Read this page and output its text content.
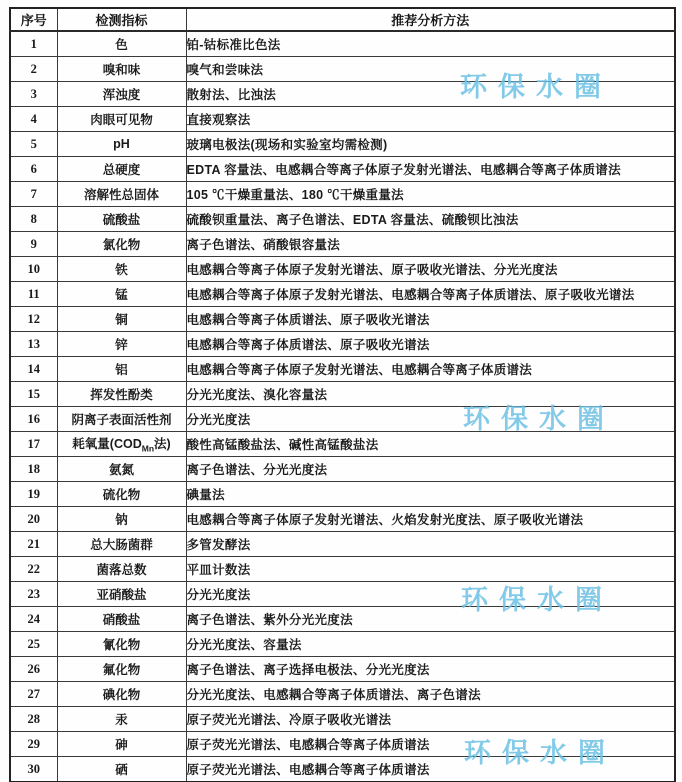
序号	检测指标	推荐分析方法
1	色	铂-钴标准比色法
2	嗅和味	嗅气和尝味法
3	浑浊度	散射法、比浊法
4	肉眼可见物	直接观察法
5	pH	玻璃电极法(现场和实验室均需检测)
6	总硬度	EDTA 容量法、电感耦合等离子体原子发射光谱法、电感耦合等离子体质谱法
7	溶解性总固体	105 ℃干燥重量法、180 ℃干燥重量法
8	硫酸盐	硫酸钡重量法、离子色谱法、EDTA 容量法、硫酸钡比浊法
9	氯化物	离子色谱法、硝酸银容量法
10	铁	电感耦合等离子体原子发射光谱法、原子吸收光谱法、分光光度法
11	锰	电感耦合等离子体原子发射光谱法、电感耦合等离子体质谱法、原子吸收光谱法
12	铜	电感耦合等离子体质谱法、原子吸收光谱法
13	锌	电感耦合等离子体质谱法、原子吸收光谱法
14	铝	电感耦合等离子体原子发射光谱法、电感耦合等离子体质谱法
15	挥发性酚类	分光光度法、溴化容量法
16	阴离子表面活性剂	分光光度法
17	耗氧量($COD_{Mn}$法)	酸性高锰酸盐法、碱性高锰酸盐法
18	氨氮	离子色谱法、分光光度法
19	硫化物	碘量法
20	钠	电感耦合等离子体原子发射光谱法、火焰发射光度法、原子吸收光谱法
21	总大肠菌群	多管发酵法
22	菌落总数	平皿计数法
23	亚硝酸盐	分光光度法
24	硝酸盐	离子色谱法、紫外分光光度法
25	氰化物	分光光度法、容量法
26	氟化物	离子色谱法、离子选择电极法、分光光度法
27	碘化物	分光光度法、电感耦合等离子体质谱法、离子色谱法
28	汞	原子荧光光谱法、冷原子吸收光谱法
29	砷	原子荧光光谱法、电感耦合等离子体质谱法
30	硒	原子荧光光谱法、电感耦合等离子体质谱法
环保水圈
环保水圈
环保水圈
环保水圈
